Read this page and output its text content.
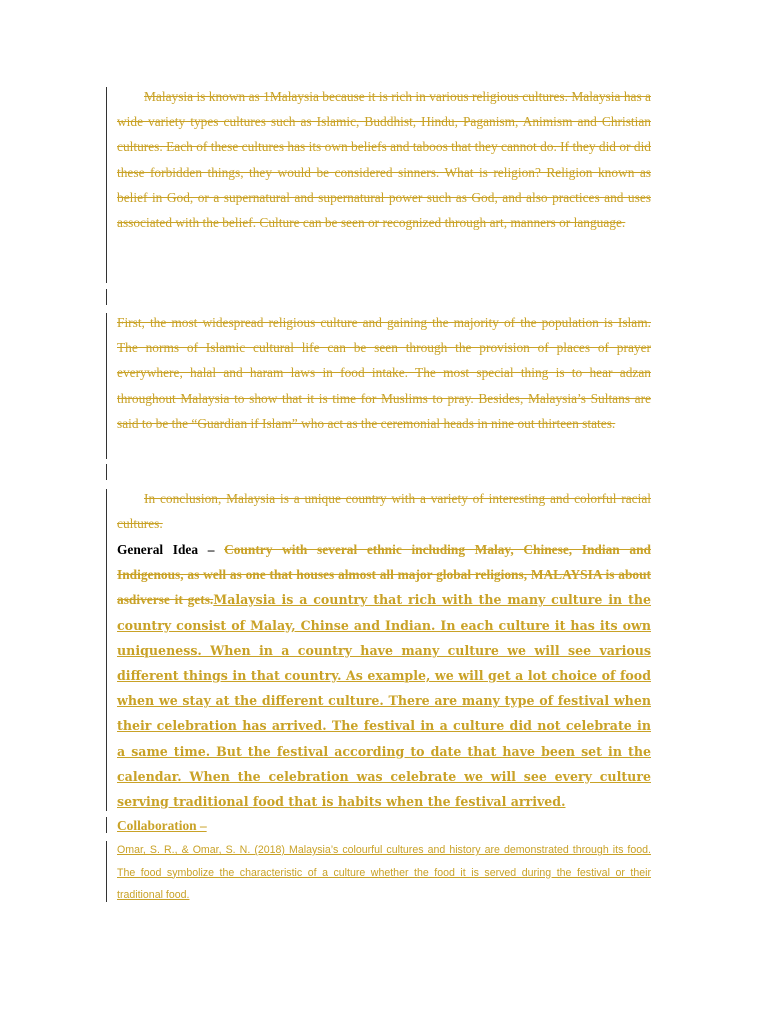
Malaysia is known as 1Malaysia because it is rich in various religious cultures. Malaysia has a wide variety types cultures such as Islamic, Buddhist, Hindu, Paganism, Animism and Christian cultures. Each of these cultures has its own beliefs and taboos that they cannot do. If they did or did these forbidden things, they would be considered sinners. What is religion? Religion known as belief in God, or a supernatural and supernatural power such as God, and also practices and uses associated with the belief. Culture can be seen or recognized through art, manners or language.

First, the most widespread religious culture and gaining the majority of the population is Islam. The norms of Islamic cultural life can be seen through the provision of places of prayer everywhere, halal and haram laws in food intake. The most special thing is to hear adzan throughout Malaysia to show that it is time for Muslims to pray. Besides, Malaysia’s Sultans are said to be the “Guardian if Islam” who act as the ceremonial heads in nine out thirteen states.

In conclusion, Malaysia is a unique country with a variety of interesting and colorful racial cultures.

General Idea – Country with several ethnic including Malay, Chinese, Indian and Indigenous, as well as one that houses almost all major global religions, MALAYSIA is about asdiverse it gets.Malaysia is a country that rich with the many culture in the country consist of Malay, Chinse and Indian. In each culture it has its own uniqueness. When in a country have many culture we will see various different things in that country. As example, we will get a lot choice of food when we stay at the different culture. There are many type of festival when their celebration has arrived. The festival in a culture did not celebrate in a same time. But the festival according to date that have been set in the calendar. When the celebration was celebrate we will see every culture serving traditional food that is habits when the festival arrived.

Collaboration –

Omar, S. R., & Omar, S. N. (2018) Malaysia’s colourful cultures and history are demonstrated through its food. The food symbolize the characteristic of a culture whether the food it is served during the festival or their traditional food.
